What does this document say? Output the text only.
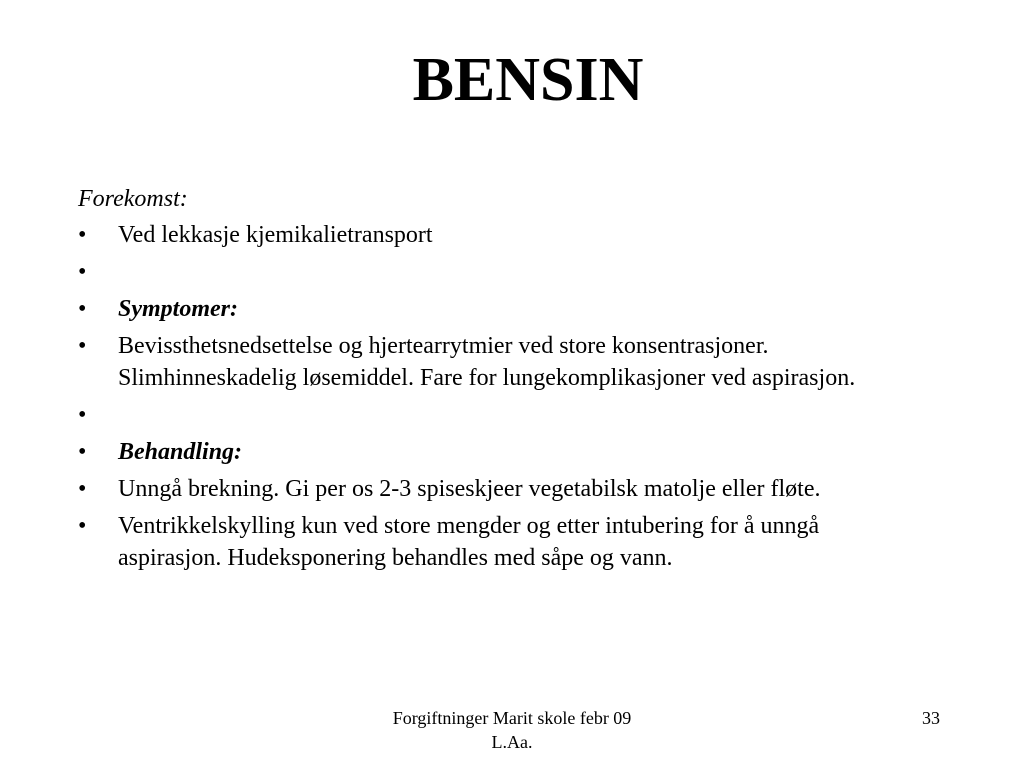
BENSIN
Forekomst:
•	Ved lekkasje kjemikalietransport
•
•	Symptomer:
•	Bevissthetsnedsettelse og hjertearrytmier ved store konsentrasjoner. Slimhinneskadelig løsemiddel. Fare for lungekomplikasjoner ved aspirasjon.
•
•	Behandling:
•	Unngå brekning. Gi per os 2-3 spiseskjeer vegetabilsk matolje eller fløte.
•	Ventrikkelskylling kun ved store mengder og etter intubering for å unngå aspirasjon. Hudeksponering behandles med såpe og vann.
Forgiftninger Marit skole febr 09
L.Aa.
33
